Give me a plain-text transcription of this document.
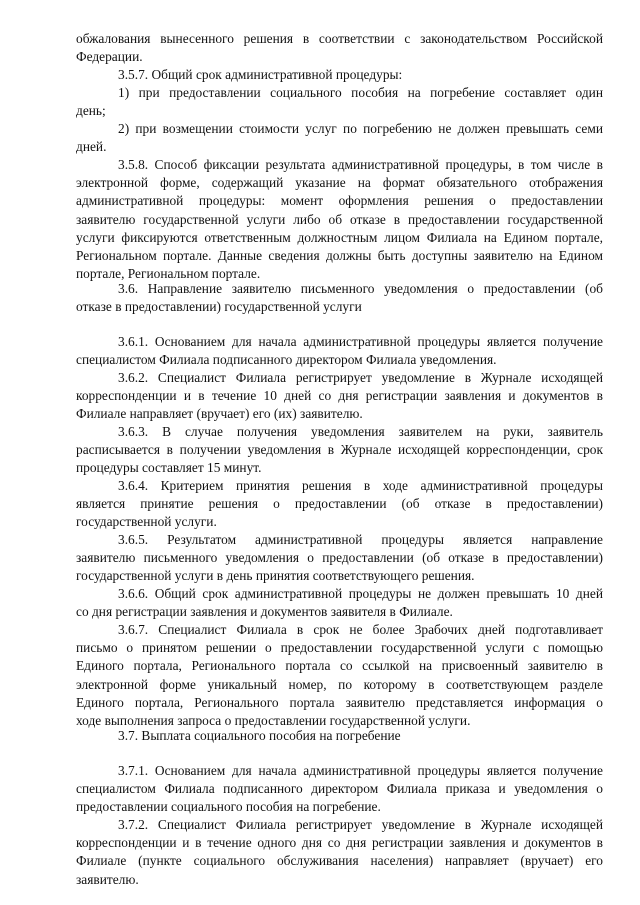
обжалования вынесенного решения в соответствии с законодательством Российской
Федерации.

3.5.7. Общий срок административной процедуры:

1) при предоставлении социального пособия на погребение составляет один
день;

2) при возмещении стоимости услуг по погребению не должен превышать семи
дней.

3.5.8. Способ фиксации результата административной процедуры, в том числе в
электронной форме, содержащий указание на формат обязательного отображения
административной процедуры: момент оформления решения о предоставлении
заявителю государственной услуги либо об отказе в предоставлении государственной
услуги фиксируются ответственным должностным лицом Филиала на Едином портале,
Региональном портале. Данные сведения должны быть доступны заявителю на Едином
портале, Региональном портале.

3.6. Направление заявителю письменного уведомления о предоставлении (об
отказе в предоставлении) государственной услуги

3.6.1. Основанием для начала административной процедуры является получение
специалистом Филиала подписанного директором Филиала уведомления.

3.6.2. Специалист Филиала регистрирует уведомление в Журнале исходящей
корреспонденции и в течение 10 дней со дня регистрации заявления и документов в
Филиале направляет (вручает) его (их) заявителю.

3.6.3. В случае получения уведомления заявителем на руки, заявитель
расписывается в получении уведомления в Журнале исходящей корреспонденции, срок
процедуры составляет 15 минут.

3.6.4. Критерием принятия решения в ходе административной процедуры
является принятие решения о предоставлении (об отказе в предоставлении)
государственной услуги.

3.6.5. Результатом административной процедуры является направление
заявителю письменного уведомления о предоставлении (об отказе в предоставлении)
государственной услуги в день принятия соответствующего решения.

3.6.6. Общий срок административной процедуры не должен превышать 10 дней
со дня регистрации заявления и документов заявителя в Филиале.

3.6.7. Специалист Филиала в срок не более 3рабочих дней подготавливает
письмо о принятом решении о предоставлении государственной услуги с помощью
Единого портала, Регионального портала со ссылкой на присвоенный заявителю в
электронной форме уникальный номер, по которому в соответствующем разделе
Единого портала, Регионального портала заявителю представляется информация о
ходе выполнения запроса о предоставлении государственной услуги.

3.7. Выплата социального пособия на погребение

3.7.1. Основанием для начала административной процедуры является получение
специалистом Филиала подписанного директором Филиала приказа и уведомления о
предоставлении социального пособия на погребение.

3.7.2. Специалист Филиала регистрирует уведомление в Журнале исходящей
корреспонденции и в течение одного дня со дня регистрации заявления и документов в
Филиале (пункте социального обслуживания населения) направляет (вручает) его
заявителю.
